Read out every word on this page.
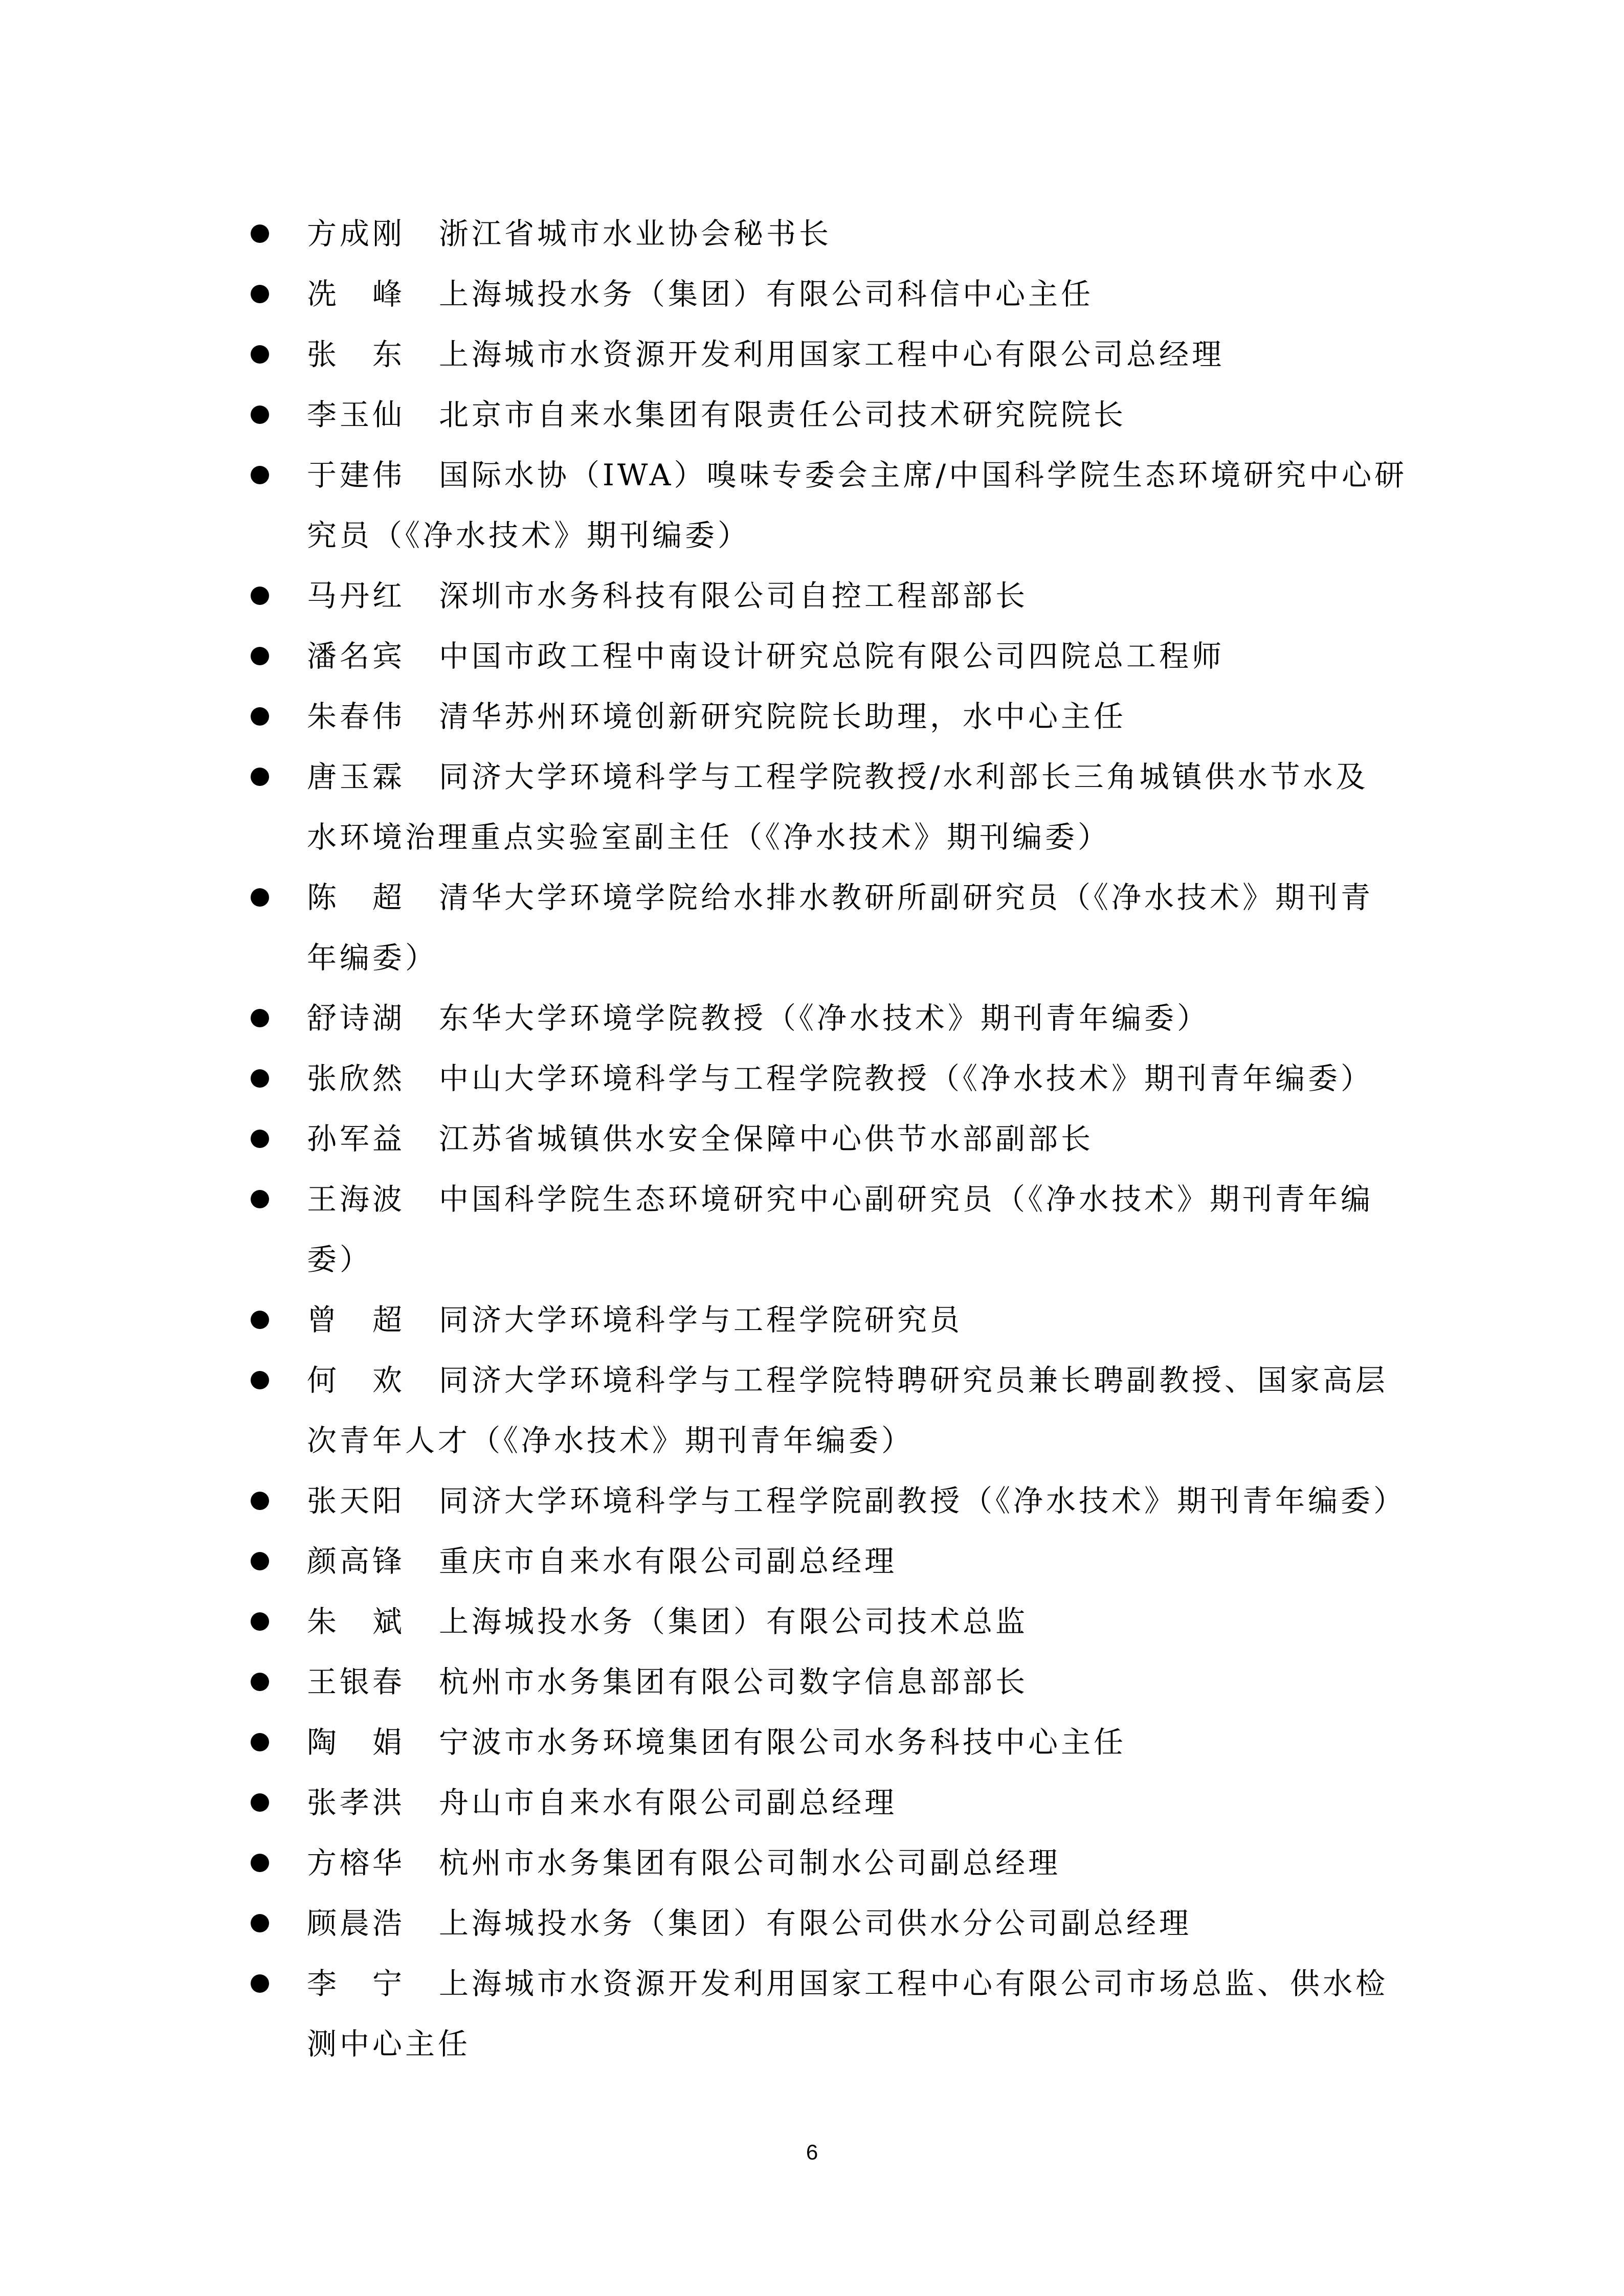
方成刚 浙江省城市水业协会秘书长
冼　峰 上海城投水务（集团）有限公司科信中心主任
张　东 上海城市水资源开发利用国家工程中心有限公司总经理
李玉仙 北京市自来水集团有限责任公司技术研究院院长
于建伟 国际水协（IWA）嗅味专委会主席/中国科学院生态环境研究中心研
究员（《净水技术》期刊编委）
马丹红 深圳市水务科技有限公司自控工程部部长
潘名宾 中国市政工程中南设计研究总院有限公司四院总工程师
朱春伟 清华苏州环境创新研究院院长助理，水中心主任
唐玉霖 同济大学环境科学与工程学院教授/水利部长三角城镇供水节水及
水环境治理重点实验室副主任（《净水技术》期刊编委）
陈　超 清华大学环境学院给水排水教研所副研究员（《净水技术》期刊青
年编委）
舒诗湖 东华大学环境学院教授（《净水技术》期刊青年编委）
张欣然 中山大学环境科学与工程学院教授（《净水技术》期刊青年编委）
孙军益 江苏省城镇供水安全保障中心供节水部副部长
王海波 中国科学院生态环境研究中心副研究员（《净水技术》期刊青年编
委）
曾　超 同济大学环境科学与工程学院研究员
何　欢 同济大学环境科学与工程学院特聘研究员兼长聘副教授、国家高层
次青年人才（《净水技术》期刊青年编委）
张天阳 同济大学环境科学与工程学院副教授（《净水技术》期刊青年编委）
颜高锋 重庆市自来水有限公司副总经理
朱　斌 上海城投水务（集团）有限公司技术总监
王银春 杭州市水务集团有限公司数字信息部部长
陶　娟 宁波市水务环境集团有限公司水务科技中心主任
张孝洪 舟山市自来水有限公司副总经理
方榕华 杭州市水务集团有限公司制水公司副总经理
顾晨浩 上海城投水务（集团）有限公司供水分公司副总经理
李　宁 上海城市水资源开发利用国家工程中心有限公司市场总监、供水检
测中心主任
6
